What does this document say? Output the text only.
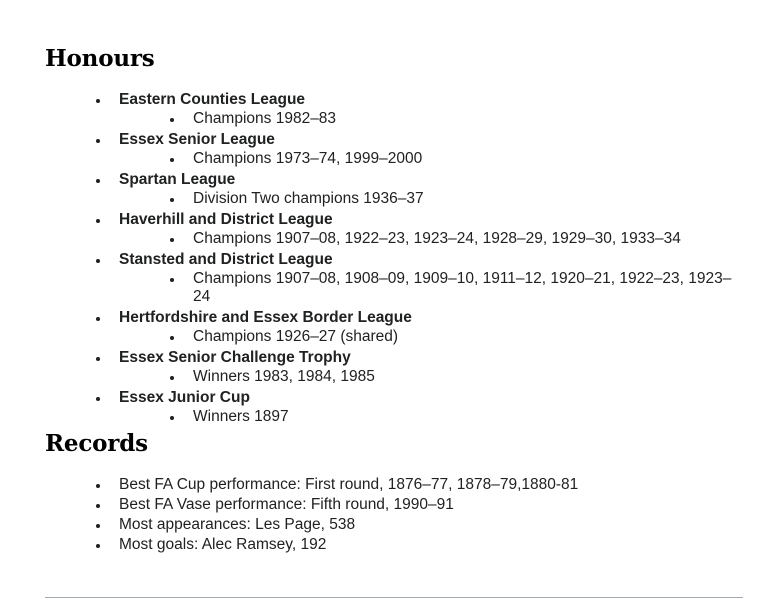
Honours
Eastern Counties League
Champions 1982–83
Essex Senior League
Champions 1973–74, 1999–2000
Spartan League
Division Two champions 1936–37
Haverhill and District League
Champions 1907–08, 1922–23, 1923–24, 1928–29, 1929–30, 1933–34
Stansted and District League
Champions 1907–08, 1908–09, 1909–10, 1911–12, 1920–21, 1922–23, 1923–24
Hertfordshire and Essex Border League
Champions 1926–27 (shared)
Essex Senior Challenge Trophy
Winners 1983, 1984, 1985
Essex Junior Cup
Winners 1897
Records
Best FA Cup performance: First round, 1876–77, 1878–79,1880-81
Best FA Vase performance: Fifth round, 1990–91
Most appearances: Les Page, 538
Most goals: Alec Ramsey, 192
